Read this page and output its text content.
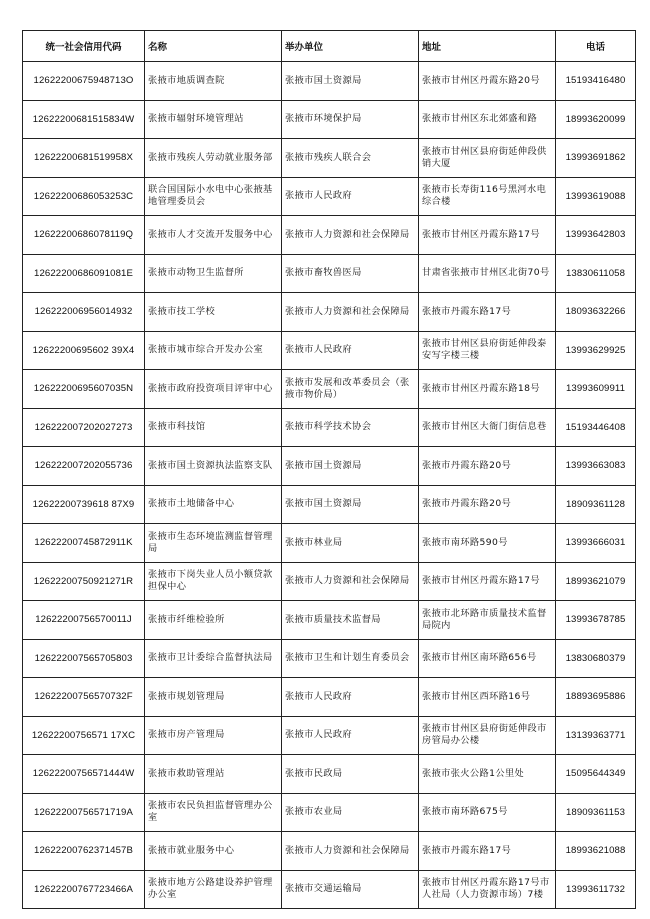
统一社会信用代码	名称	举办单位	地址	电话
12622200675948713O	张掖市地质调查院	张掖市国土资源局	张掖市甘州区丹霞东路20号	15193416480
12622200681515834W	张掖市辐射环境管理站	张掖市环境保护局	张掖市甘州区东北郊盛和路	18993620099
12622200681519958X	张掖市残疾人劳动就业服务部	张掖市残疾人联合会	张掖市甘州区县府街延伸段供销大厦	13993691862
12622200686053253C	联合国国际小水电中心张掖基地管理委员会	张掖市人民政府	张掖市长寿街116号黑河水电综合楼	13993619088
12622200686078119Q	张掖市人才交流开发服务中心	张掖市人力资源和社会保障局	张掖市甘州区丹霞东路17号	13993642803
12622200686091081E	张掖市动物卫生监督所	张掖市畜牧兽医局	甘肃省张掖市甘州区北街70号	13830611058
126222006956014932	张掖市技工学校	张掖市人力资源和社会保障局	张掖市丹霞东路17号	18093632266
12622200695602 39X4	张掖市城市综合开发办公室	张掖市人民政府	张掖市甘州区县府街延伸段泰安写字楼三楼	13993629925
12622200695607035N	张掖市政府投资项目评审中心	张掖市发展和改革委员会（张掖市物价局）	张掖市甘州区丹霞东路18号	13993609911
126222007202027273	张掖市科技馆	张掖市科学技术协会	张掖市甘州区大衙门街信息巷	15193446408
126222007202055736	张掖市国土资源执法监察支队	张掖市国土资源局	张掖市丹霞东路20号	13993663083
12622200739618 87X9	张掖市土地储备中心	张掖市国土资源局	张掖市丹霞东路20号	18909361128
12622200745872911K	张掖市生态环境监测监督管理局	张掖市林业局	张掖市南环路590号	13993666031
12622200750921271R	张掖市下岗失业人员小额贷款担保中心	张掖市人力资源和社会保障局	张掖市甘州区丹霞东路17号	18993621079
12622200756570011J	张掖市纤维检验所	张掖市质量技术监督局	张掖市北环路市质量技术监督局院内	13993678785
126222007565705803	张掖市卫计委综合监督执法局	张掖市卫生和计划生育委员会	张掖市甘州区南环路656号	13830680379
12622200756570732F	张掖市规划管理局	张掖市人民政府	张掖市甘州区西环路16号	18893695886
12622200756571 17XC	张掖市房产管理局	张掖市人民政府	张掖市甘州区县府街延伸段市房管局办公楼	13139363771
12622200756571444W	张掖市救助管理站	张掖市民政局	张掖市张火公路1公里处	15095644349
12622200756571719A	张掖市农民负担监督管理办公室	张掖市农业局	张掖市南环路675号	18909361153
12622200762371457B	张掖市就业服务中心	张掖市人力资源和社会保障局	张掖市丹霞东路17号	18993621088
12622200767723466A	张掖市地方公路建设养护管理办公室	张掖市交通运输局	张掖市甘州区丹霞东路17号市人社局（人力资源市场）7楼	13993611732
